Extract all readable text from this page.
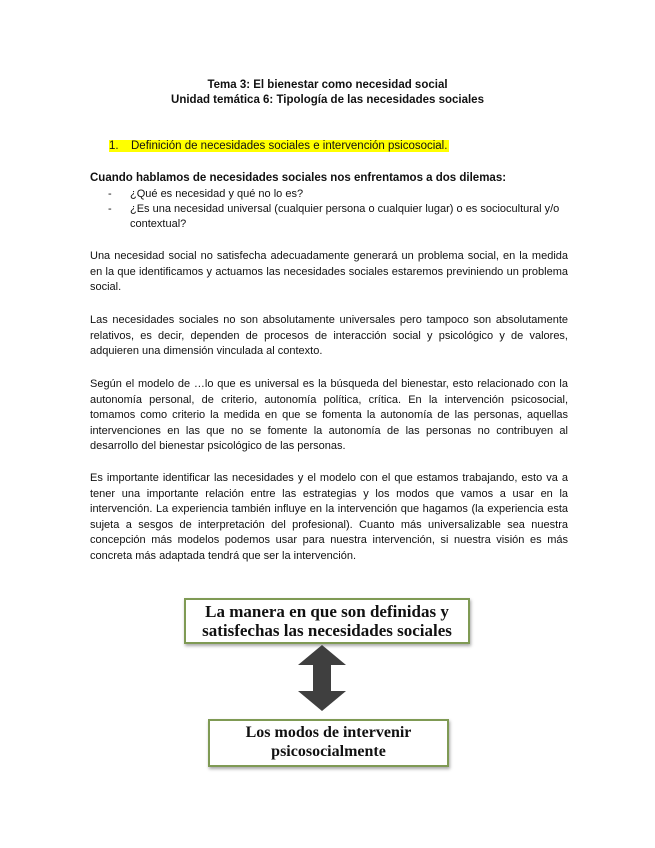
Tema 3: El bienestar como necesidad social
Unidad temática 6: Tipología de las necesidades sociales
1. Definición de necesidades sociales e intervención psicosocial.
Cuando hablamos de necesidades sociales nos enfrentamos a dos dilemas:
-	¿Qué es necesidad y qué no lo es?
-	¿Es una necesidad universal (cualquier persona o cualquier lugar) o es sociocultural y/o contextual?
Una necesidad social no satisfecha adecuadamente generará un problema social, en la medida en la que identificamos y actuamos las necesidades sociales estaremos previniendo un problema social.
Las necesidades sociales no son absolutamente universales pero tampoco son absolutamente relativos, es decir, dependen de procesos de interacción social y psicológico y de valores, adquieren una dimensión vinculada al contexto.
Según el modelo de …lo que es universal es la búsqueda del bienestar, esto relacionado con la autonomía personal, de criterio, autonomía política, crítica. En la intervención psicosocial, tomamos como criterio la medida en que se fomenta la autonomía de las personas, aquellas intervenciones en las que no se fomente la autonomía de las personas no contribuyen al desarrollo del bienestar psicológico de las personas.
Es importante identificar las necesidades y el modelo con el que estamos trabajando, esto va a tener una importante relación entre las estrategias y los modos que vamos a usar en la intervención. La experiencia también influye en la intervención que hagamos (la experiencia esta sujeta a sesgos de interpretación del profesional). Cuanto más universalizable sea nuestra concepción más modelos podemos usar para nuestra intervención, si nuestra visión es más concreta más adaptada tendrá que ser la intervención.
La manera en que son definidas y satisfechas las necesidades sociales
Los modos de intervenir psicosocialmente
